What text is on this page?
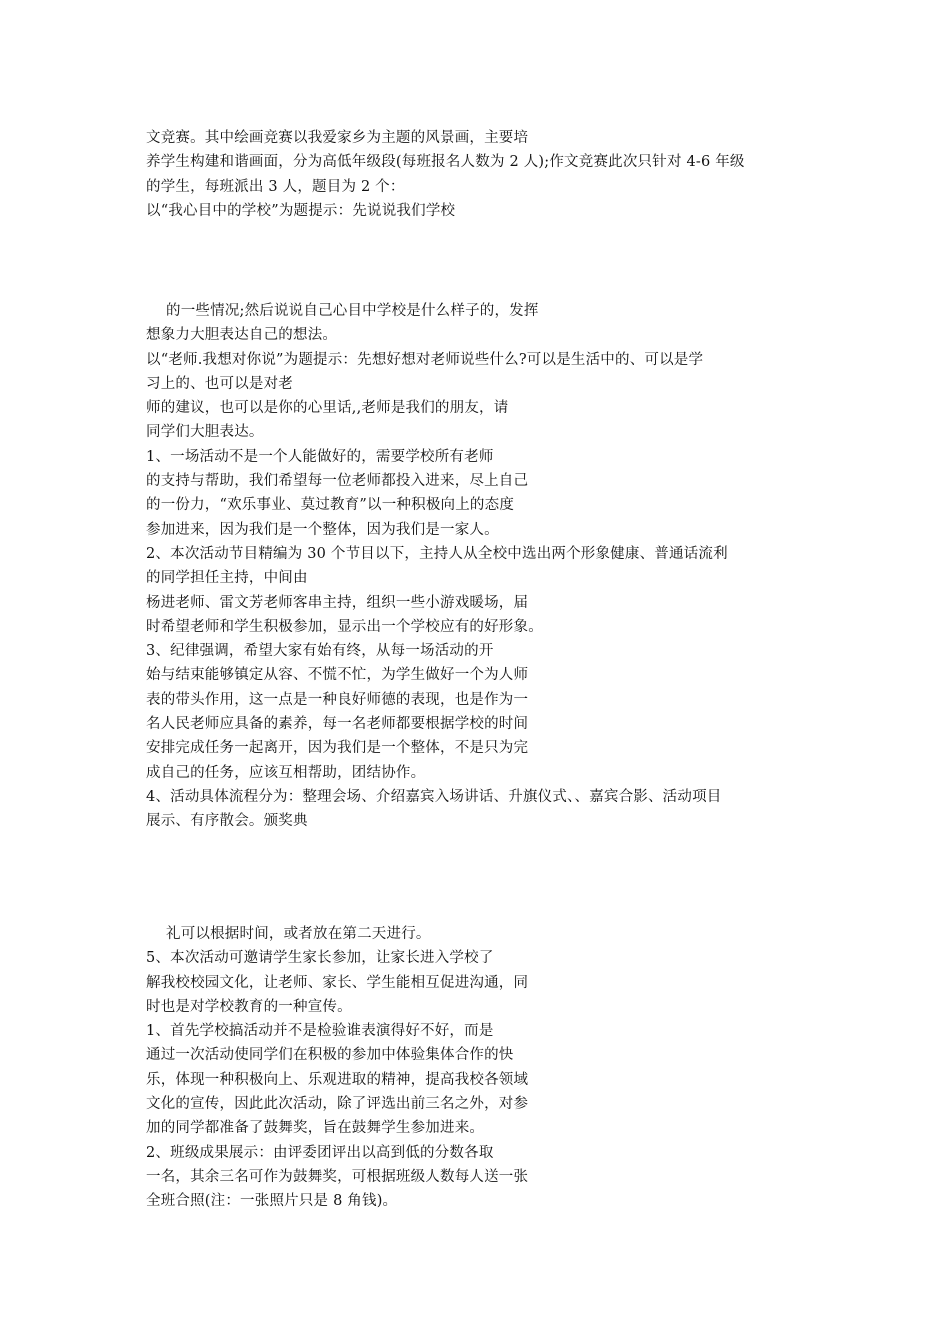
文竞赛。其中绘画竞赛以我爱家乡为主题的风景画，主要培
养学生构建和谐画面，分为高低年级段(每班报名人数为 2 人);作文竞赛此次只针对 4-6 年级
的学生，每班派出 3 人，题目为 2 个：
以“我心目中的学校”为题提示：先说说我们学校
的一些情况;然后说说自己心目中学校是什么样子的，发挥
想象力大胆表达自己的想法。
以“老师.我想对你说”为题提示：先想好想对老师说些什么?可以是生活中的、可以是学
习上的、也可以是对老
师的建议，也可以是你的心里话,,老师是我们的朋友，请
同学们大胆表达。
1、一场活动不是一个人能做好的，需要学校所有老师
的支持与帮助，我们希望每一位老师都投入进来，尽上自己
的一份力，“欢乐事业、莫过教育”以一种积极向上的态度
参加进来，因为我们是一个整体，因为我们是一家人。
2、本次活动节目精编为 30 个节目以下，主持人从全校中选出两个形象健康、普通话流利
的同学担任主持，中间由
杨进老师、雷文芳老师客串主持，组织一些小游戏暖场，届
时希望老师和学生积极参加，显示出一个学校应有的好形象。
3、纪律强调，希望大家有始有终，从每一场活动的开
始与结束能够镇定从容、不慌不忙，为学生做好一个为人师
表的带头作用，这一点是一种良好师德的表现，也是作为一
名人民老师应具备的素养，每一名老师都要根据学校的时间
安排完成任务一起离开，因为我们是一个整体，不是只为完
成自己的任务，应该互相帮助，团结协作。
4、活动具体流程分为：整理会场、介绍嘉宾入场讲话、升旗仪式、、嘉宾合影、活动项目
展示、有序散会。颁奖典
礼可以根据时间，或者放在第二天进行。
5、本次活动可邀请学生家长参加，让家长进入学校了
解我校校园文化，让老师、家长、学生能相互促进沟通，同
时也是对学校教育的一种宣传。
1、首先学校搞活动并不是检验谁表演得好不好，而是
通过一次活动使同学们在积极的参加中体验集体合作的快
乐，体现一种积极向上、乐观进取的精神，提高我校各领域
文化的宣传，因此此次活动，除了评选出前三名之外，对参
加的同学都准备了鼓舞奖，旨在鼓舞学生参加进来。
2、班级成果展示：由评委团评出以高到低的分数各取
一名，其余三名可作为鼓舞奖，可根据班级人数每人送一张
全班合照(注：一张照片只是 8 角钱)。
